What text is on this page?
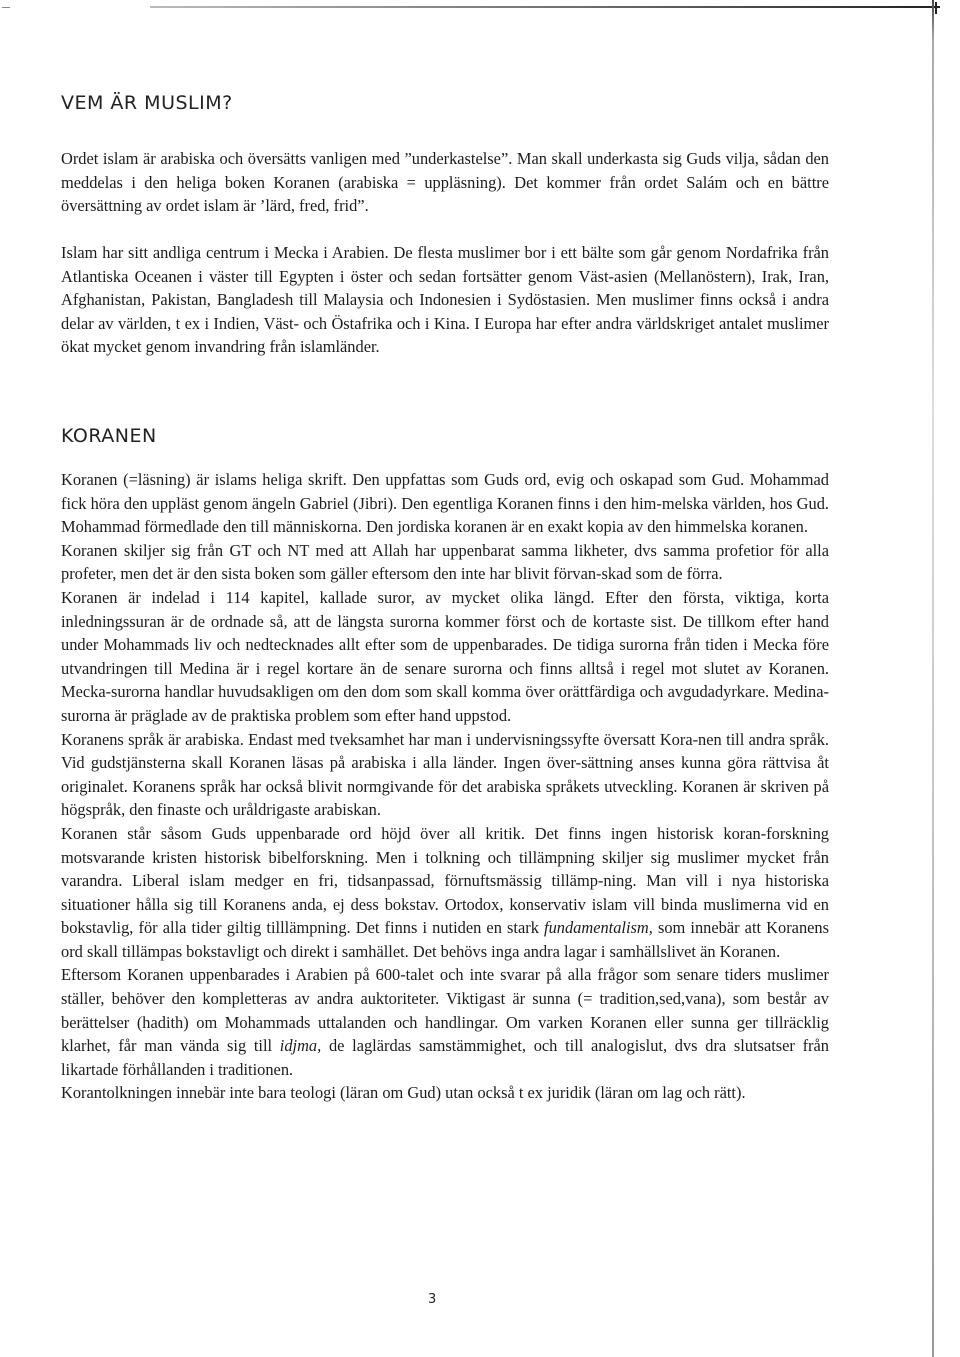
VEM ÄR MUSLIM?

Ordet islam är arabiska och översätts vanligen med ”underkastelse”. Man skall underkasta sig Guds vilja, sådan den meddelas i den heliga boken Koranen (arabiska = uppläsning). Det kommer från ordet Salám och en bättre översättning av ordet islam är ’lärd, fred, frid”.

Islam har sitt andliga centrum i Mecka i Arabien. De flesta muslimer bor i ett bälte som går genom Nordafrika från Atlantiska Oceanen i väster till Egypten i öster och sedan fortsätter genom Väst-asien (Mellanöstern), Irak, Iran, Afghanistan, Pakistan, Bangladesh till Malaysia och Indonesien i Sydöstasien. Men muslimer finns också i andra delar av världen, t ex i Indien, Väst- och Östafrika och i Kina. I Europa har efter andra världskriget antalet muslimer ökat mycket genom invandring från islamländer.

KORANEN

Koranen (=läsning) är islams heliga skrift. Den uppfattas som Guds ord, evig och oskapad som Gud. Mohammad fick höra den uppläst genom ängeln Gabriel (Jibri). Den egentliga Koranen finns i den him-melska världen, hos Gud. Mohammad förmedlade den till människorna. Den jordiska koranen är en exakt kopia av den himmelska koranen.

Koranen skiljer sig från GT och NT med att Allah har uppenbarat samma likheter, dvs samma profetior för alla profeter, men det är den sista boken som gäller eftersom den inte har blivit förvan-skad som de förra.

Koranen är indelad i 114 kapitel, kallade suror, av mycket olika längd. Efter den första, viktiga, korta inledningssuran är de ordnade så, att de längsta surorna kommer först och de kortaste sist. De tillkom efter hand under Mohammads liv och nedtecknades allt efter som de uppenbarades. De tidiga surorna från tiden i Mecka före utvandringen till Medina är i regel kortare än de senare surorna och finns alltså i regel mot slutet av Koranen. Mecka-surorna handlar huvudsakligen om den dom som skall komma över orättfärdiga och avgudadyrkare. Medina-surorna är präglade av de praktiska problem som efter hand uppstod.

Koranens språk är arabiska. Endast med tveksamhet har man i undervisningssyfte översatt Kora-nen till andra språk. Vid gudstjänsterna skall Koranen läsas på arabiska i alla länder. Ingen över-sättning anses kunna göra rättvisa åt originalet. Koranens språk har också blivit normgivande för det arabiska språkets utveckling. Koranen är skriven på högspråk, den finaste och uråldrigaste arabiskan.

Koranen står såsom Guds uppenbarade ord höjd över all kritik. Det finns ingen historisk koran-forskning motsvarande kristen historisk bibelforskning. Men i tolkning och tillämpning skiljer sig muslimer mycket från varandra. Liberal islam medger en fri, tidsanpassad, förnuftsmässig tillämp-ning. Man vill i nya historiska situationer hålla sig till Koranens anda, ej dess bokstav. Ortodox, konservativ islam vill binda muslimerna vid en bokstavlig, för alla tider giltig tilllämpning. Det finns i nutiden en stark fundamentalism, som innebär att Koranens ord skall tillämpas bokstavligt och direkt i samhället. Det behövs inga andra lagar i samhällslivet än Koranen.

Eftersom Koranen uppenbarades i Arabien på 600-talet och inte svarar på alla frågor som senare tiders muslimer ställer, behöver den kompletteras av andra auktoriteter. Viktigast är sunna (= tradition,sed,vana), som består av berättelser (hadith) om Mohammads uttalanden och handlingar. Om varken Koranen eller sunna ger tillräcklig klarhet, får man vända sig till idjma, de laglärdas samstämmighet, och till analogislut, dvs dra slutsatser från likartade förhållanden i traditionen.

Korantolkningen innebär inte bara teologi (läran om Gud) utan också t ex juridik (läran om lag och rätt).

3
